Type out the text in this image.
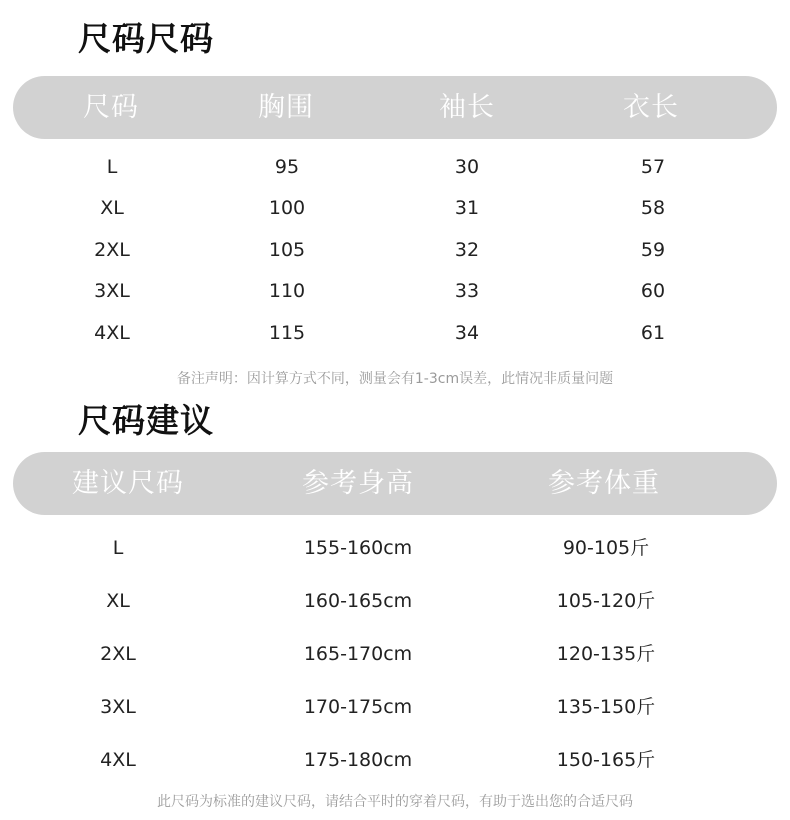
尺码尺码
尺码	胸围	袖长	衣长
L	95	30	57
XL	100	31	58
2XL	105	32	59
3XL	110	33	60
4XL	115	34	61
备注声明：因计算方式不同，测量会有1-3cm误差，此情况非质量问题
尺码建议
建议尺码	参考身高	参考体重
L	155-160cm	90-105斤
XL	160-165cm	105-120斤
2XL	165-170cm	120-135斤
3XL	170-175cm	135-150斤
4XL	175-180cm	150-165斤
此尺码为标准的建议尺码，请结合平时的穿着尺码，有助于选出您的合适尺码
